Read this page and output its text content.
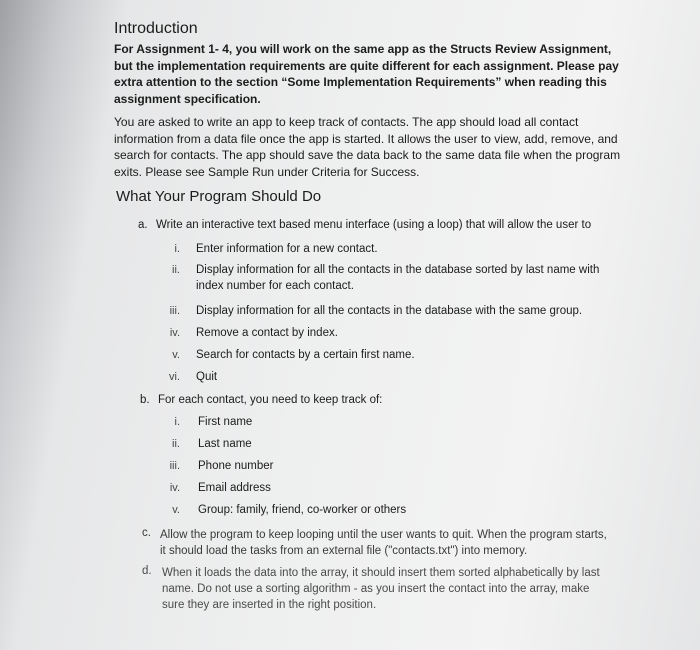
Introduction

For Assignment 1- 4, you will work on the same app as the Structs Review Assignment,
but the implementation requirements are quite different for each assignment. Please pay
extra attention to the section “Some Implementation Requirements” when reading this
assignment specification.
You are asked to write an app to keep track of contacts. The app should load all contact
information from a data file once the app is started. It allows the user to view, add, remove, and
search for contacts. The app should save the data back to the same data file when the program
exits. Please see Sample Run under Criteria for Success.

What Your Program Should Do

a. Write an interactive text based menu interface (using a loop) that will allow the user to
i. Enter information for a new contact.
ii. Display information for all the contacts in the database sorted by last name with
index number for each contact.
iii. Display information for all the contacts in the database with the same group.
iv. Remove a contact by index.
v. Search for contacts by a certain first name.
vi. Quit
b. For each contact, you need to keep track of:
i. First name
ii. Last name
iii. Phone number
iv. Email address
v. Group: family, friend, co-worker or others
c. Allow the program to keep looping until the user wants to quit. When the program starts,
it should load the tasks from an external file ("contacts.txt") into memory.
d. When it loads the data into the array, it should insert them sorted alphabetically by last
name. Do not use a sorting algorithm - as you insert the contact into the array, make
sure they are inserted in the right position.
